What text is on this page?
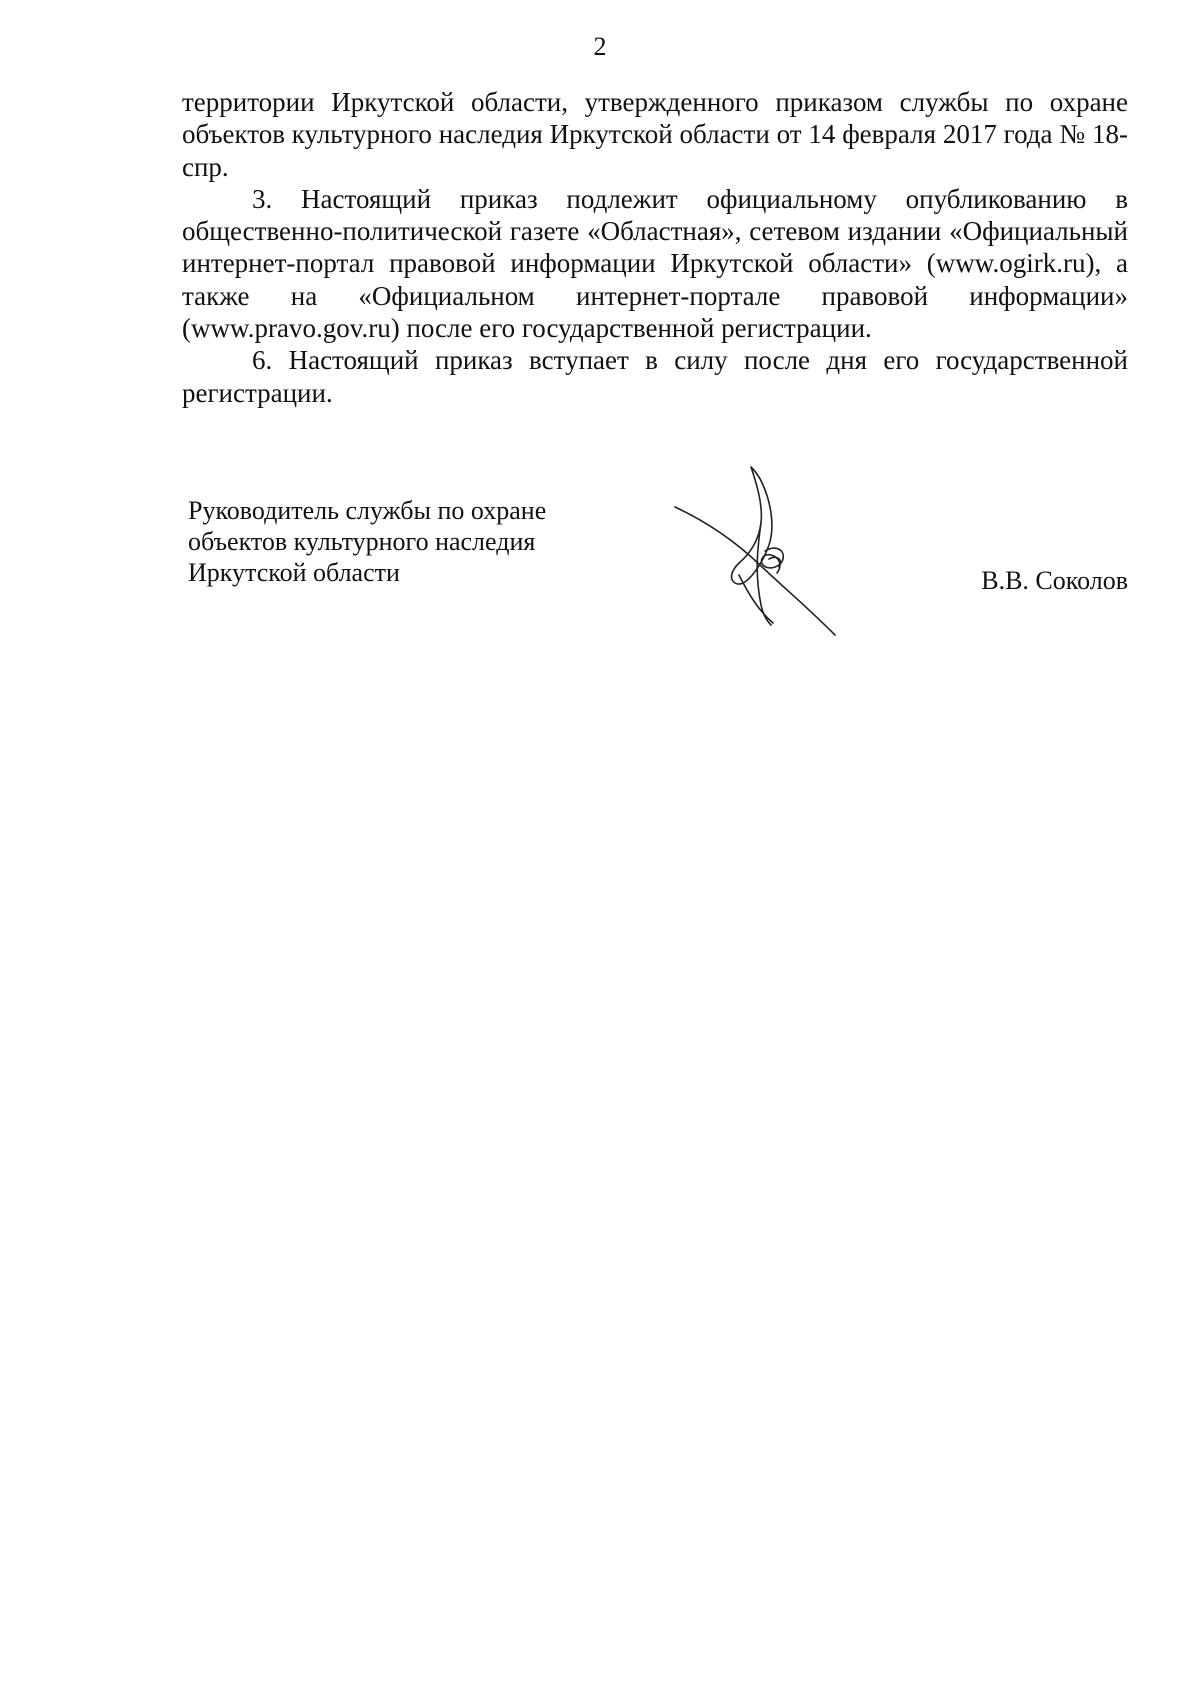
2

территории Иркутской области, утвержденного приказом службы по охране объектов культурного наследия Иркутской области от 14 февраля 2017 года № 18-спр.

3. Настоящий приказ подлежит официальному опубликованию в общественно-политической газете «Областная», сетевом издании «Официальный интернет-портал правовой информации Иркутской области» (www.ogirk.ru), а также на «Официальном интернет-портале правовой информации» (www.pravo.gov.ru) после его государственной регистрации.

6. Настоящий приказ вступает в силу после дня его государственной регистрации.

Руководитель службы по охране
объектов культурного наследия
Иркутской области	В.В. Соколов
